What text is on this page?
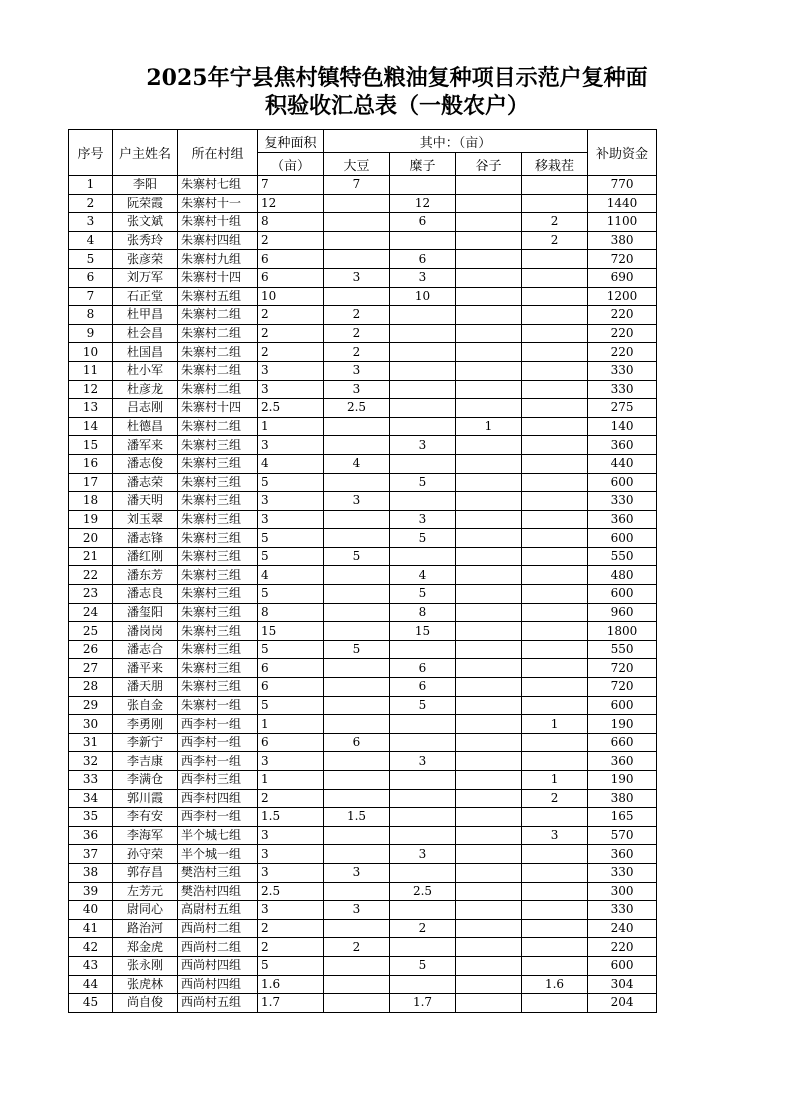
2025年宁县焦村镇特色粮油复种项目示范户复种面
积验收汇总表（一般农户）
序号	户主姓名	所在村组	复种面积	其中：（亩）				补助资金
			（亩）	大豆	糜子	谷子	移栽茬	
1	李阳	朱寨村七组	7	7				770
2	阮荣霞	朱寨村十一	12		12			1440
3	张文斌	朱寨村十组	8		6		2	1100
4	张秀玲	朱寨村四组	2				2	380
5	张彦荣	朱寨村九组	6		6			720
6	刘万军	朱寨村十四	6	3	3			690
7	石正堂	朱寨村五组	10		10			1200
8	杜甲昌	朱寨村二组	2	2				220
9	杜会昌	朱寨村二组	2	2				220
10	杜国昌	朱寨村二组	2	2				220
11	杜小军	朱寨村二组	3	3				330
12	杜彦龙	朱寨村二组	3	3				330
13	吕志刚	朱寨村十四	2.5	2.5				275
14	杜德昌	朱寨村二组	1			1		140
15	潘军来	朱寨村三组	3		3			360
16	潘志俊	朱寨村三组	4	4				440
17	潘志荣	朱寨村三组	5		5			600
18	潘天明	朱寨村三组	3	3				330
19	刘玉翠	朱寨村三组	3		3			360
20	潘志锋	朱寨村三组	5		5			600
21	潘红刚	朱寨村三组	5	5				550
22	潘东芳	朱寨村三组	4		4			480
23	潘志良	朱寨村三组	5		5			600
24	潘玺阳	朱寨村三组	8		8			960
25	潘岗岗	朱寨村三组	15		15			1800
26	潘志合	朱寨村三组	5	5				550
27	潘平来	朱寨村三组	6		6			720
28	潘天朋	朱寨村三组	6		6			720
29	张自金	朱寨村一组	5		5			600
30	李勇刚	西李村一组	1				1	190
31	李新宁	西李村一组	6	6				660
32	李吉康	西李村一组	3		3			360
33	李满仓	西李村三组	1				1	190
34	郭川霞	西李村四组	2				2	380
35	李有安	西李村一组	1.5	1.5				165
36	李海军	半个城七组	3				3	570
37	孙守荣	半个城一组	3		3			360
38	郭存昌	樊浩村三组	3	3				330
39	左芳元	樊浩村四组	2.5		2.5			300
40	尉同心	高尉村五组	3	3				330
41	路治河	西尚村二组	2		2			240
42	郑金虎	西尚村二组	2	2				220
43	张永刚	西尚村四组	5		5			600
44	张虎林	西尚村四组	1.6				1.6	304
45	尚自俊	西尚村五组	1.7		1.7			204
